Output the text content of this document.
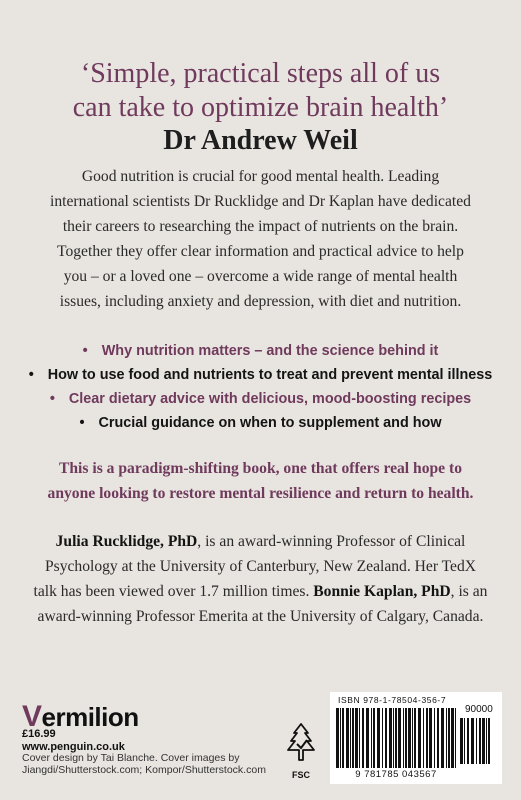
‘Simple, practical steps all of us
can take to optimize brain health’
Dr Andrew Weil
Good nutrition is crucial for good mental health. Leading
international scientists Dr Rucklidge and Dr Kaplan have dedicated
their careers to researching the impact of nutrients on the brain.
Together they offer clear information and practical advice to help
you – or a loved one – overcome a wide range of mental health
issues, including anxiety and depression, with diet and nutrition.
• Why nutrition matters – and the science behind it
• How to use food and nutrients to treat and prevent mental illness
• Clear dietary advice with delicious, mood-boosting recipes
• Crucial guidance on when to supplement and how
This is a paradigm-shifting book, one that offers real hope to
anyone looking to restore mental resilience and return to health.
Julia Rucklidge, PhD, is an award-winning Professor of Clinical
Psychology at the University of Canterbury, New Zealand. Her TedX
talk has been viewed over 1.7 million times. Bonnie Kaplan, PhD, is an
award-winning Professor Emerita at the University of Calgary, Canada.
Vermilion
£16.99
www.penguin.co.uk
Cover design by Tai Blanche. Cover images by
Jiangdi/Shutterstock.com; Kompor/Shutterstock.com	FSC
ISBN 978-1-78504-356-7
90000
9 781785 043567
